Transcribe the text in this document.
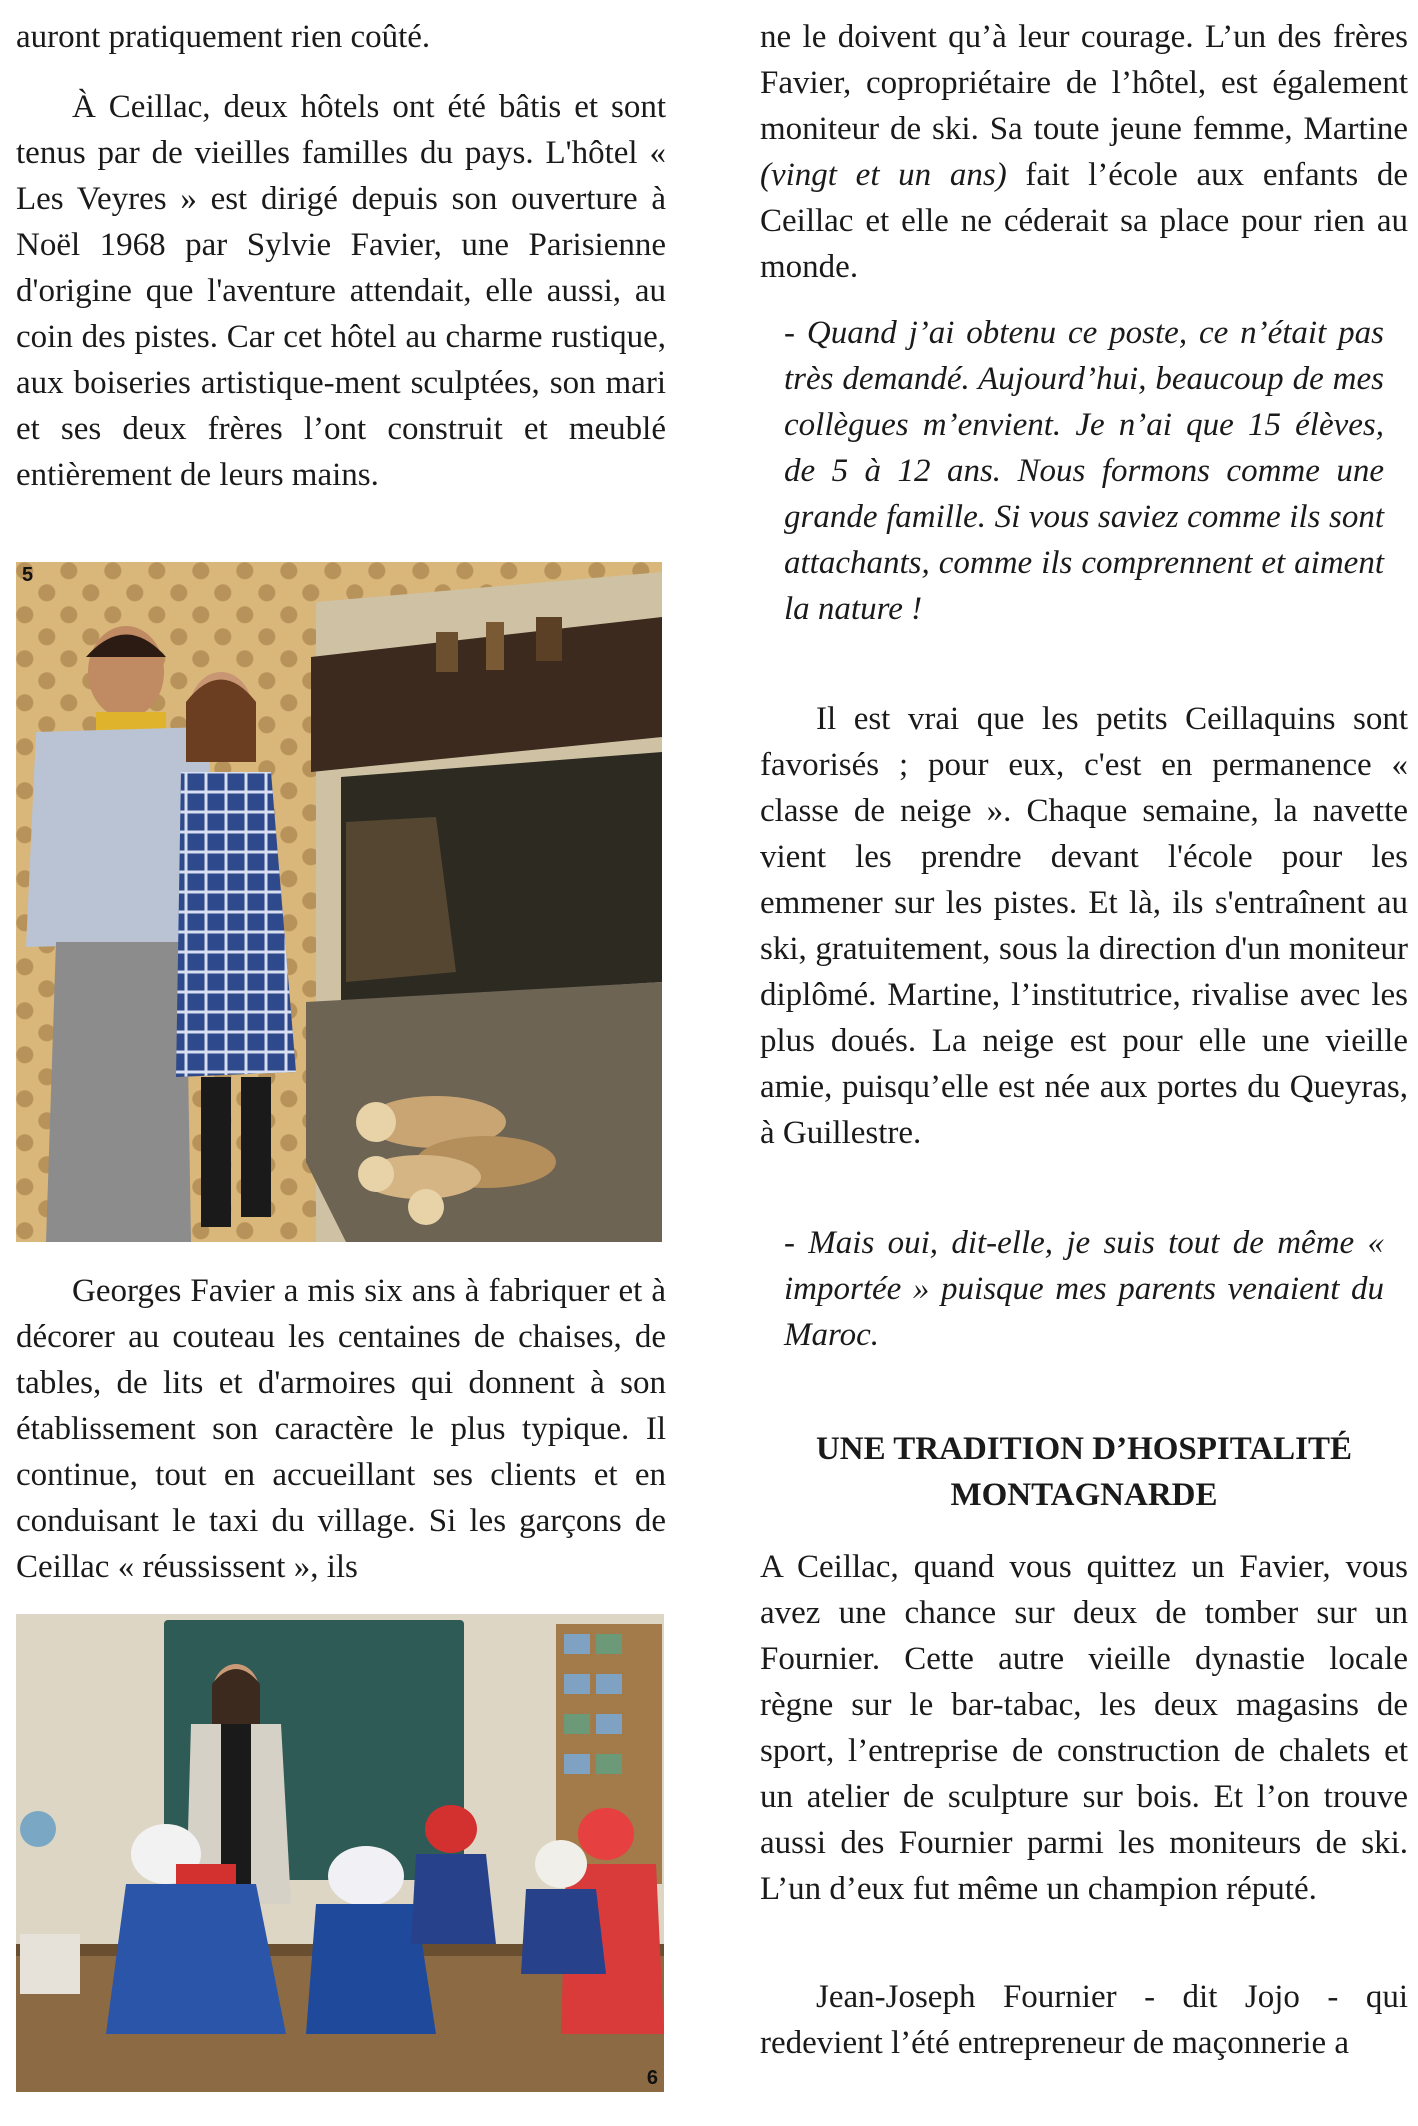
auront pratiquement rien coûté.

À Ceillac, deux hôtels ont été bâtis et sont tenus par de vieilles familles du pays. L'hôtel « Les Veyres » est dirigé depuis son ouverture à Noël 1968 par Sylvie Favier, une Parisienne d'origine que l'aventure attendait, elle aussi, au coin des pistes. Car cet hôtel au charme rustique, aux boiseries artistique-ment sculptées, son mari et ses deux frères l’ont construit et meublé entièrement de leurs mains.

Georges Favier a mis six ans à fabriquer et à décorer au couteau les centaines de chaises, de tables, de lits et d'armoires qui donnent à son établissement son caractère le plus typique. Il continue, tout en accueillant ses clients et en conduisant le taxi du village. Si les garçons de Ceillac « réussissent », ils

5
6

ne le doivent qu’à leur courage. L’un des frères Favier, copropriétaire de l’hôtel, est également moniteur de ski. Sa toute jeune femme, Martine (vingt et un ans) fait l’école aux enfants de Ceillac et elle ne céderait sa place pour rien au monde.

- Quand j’ai obtenu ce poste, ce n’était pas très demandé. Aujourd’hui, beaucoup de mes collègues m’envient. Je n’ai que 15 élèves, de 5 à 12 ans. Nous formons comme une grande famille. Si vous saviez comme ils sont attachants, comme ils comprennent et aiment la nature !

Il est vrai que les petits Ceillaquins sont favorisés ; pour eux, c'est en permanence « classe de neige ». Chaque semaine, la navette vient les prendre devant l'école pour les emmener sur les pistes. Et là, ils s'entraînent au ski, gratuitement, sous la direction d'un moniteur diplômé. Martine, l’institutrice, rivalise avec les plus doués. La neige est pour elle une vieille amie, puisqu’elle est née aux portes du Queyras, à Guillestre.

- Mais oui, dit-elle, je suis tout de même « importée » puisque mes parents venaient du Maroc.

UNE TRADITION D’HOSPITALITÉ MONTAGNARDE

A Ceillac, quand vous quittez un Favier, vous avez une chance sur deux de tomber sur un Fournier. Cette autre vieille dynastie locale règne sur le bar-tabac, les deux magasins de sport, l’entreprise de construction de chalets et un atelier de sculpture sur bois. Et l’on trouve aussi des Fournier parmi les moniteurs de ski. L’un d’eux fut même un champion réputé.

Jean-Joseph Fournier - dit Jojo - qui redevient l’été entrepreneur de maçonnerie a
